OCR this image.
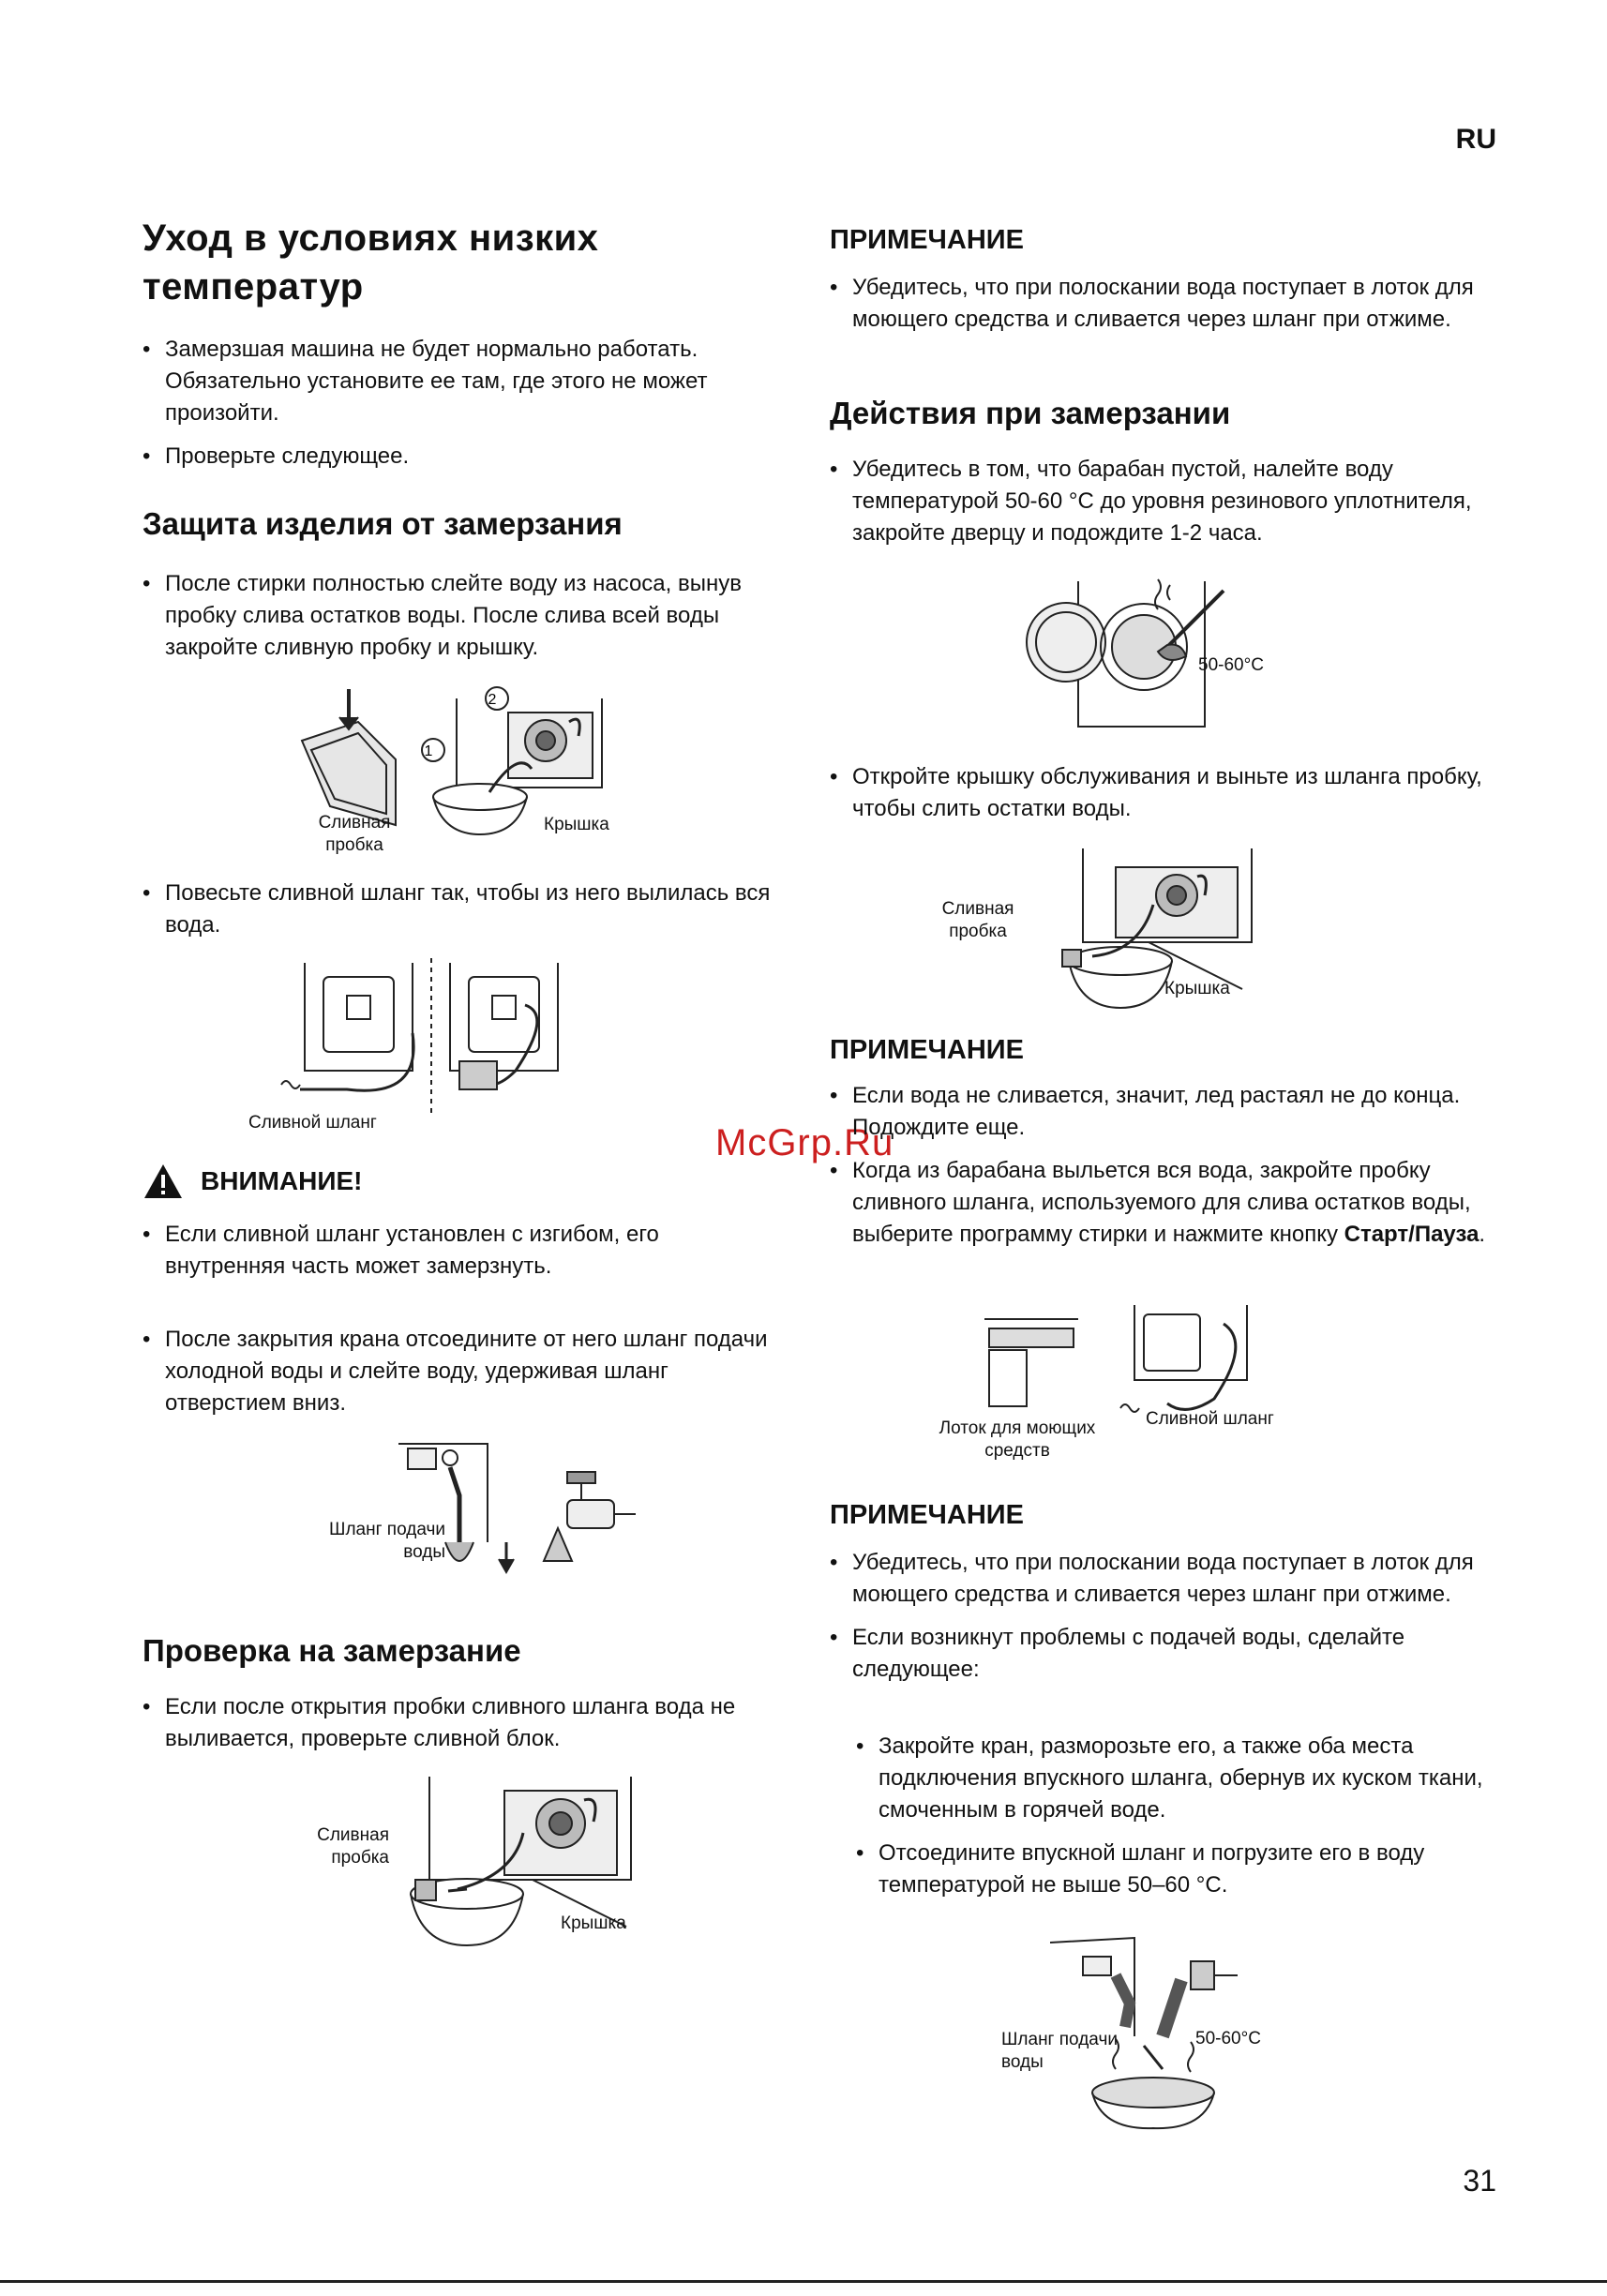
RU
31
McGrp.Ru
Уход в условиях низких температур
• Замерзшая машина не будет нормально работать. Обязательно установите ее там, где этого не может произойти.
• Проверьте следующее.
Защита изделия от замерзания
• После стирки полностью слейте воду из насоса, вынув пробку слива остатков воды. После слива всей воды закройте сливную пробку и крышку.
1
2
Сливная пробка
Крышка
• Повесьте сливной шланг так, чтобы из него вылилась вся вода.
Сливной шланг
ВНИМАНИЕ!
• Если сливной шланг установлен с изгибом, его внутренняя часть может замерзнуть.
• После закрытия крана отсоедините от него шланг подачи холодной воды и слейте воду, удерживая шланг отверстием вниз.
Шланг подачи воды
Проверка на замерзание
• Если после открытия пробки сливного шланга вода не выливается, проверьте сливной блок.
Сливная пробка
Крышка
ПРИМЕЧАНИЕ
• Убедитесь, что при полоскании вода поступает в лоток для моющего средства и сливается через шланг при отжиме.
Действия при замерзании
• Убедитесь в том, что барабан пустой, налейте воду температурой 50-60 °С до уровня резинового уплотнителя, закройте дверцу и подождите 1-2 часа.
50-60°C
• Откройте крышку обслуживания и выньте из шланга пробку, чтобы слить остатки воды.
Сливная пробка
Крышка
ПРИМЕЧАНИЕ
• Если вода не сливается, значит, лед растаял не до конца. Подождите еще.
• Когда из барабана выльется вся вода, закройте пробку сливного шланга, используемого для слива остатков воды, выберите программу стирки и нажмите кнопку Старт/Пауза.
Лоток для моющих средств
Сливной шланг
ПРИМЕЧАНИЕ
• Убедитесь, что при полоскании вода поступает в лоток для моющего средства и сливается через шланг при отжиме.
• Если возникнут проблемы с подачей воды, сделайте следующее:
• Закройте кран, разморозьте его, а также оба места подключения впускного шланга, обернув их куском ткани, смоченным в горячей воде.
• Отсоедините впускной шланг и погрузите его в воду температурой не выше 50–60 °С.
Шланг подачи воды
50-60°C
